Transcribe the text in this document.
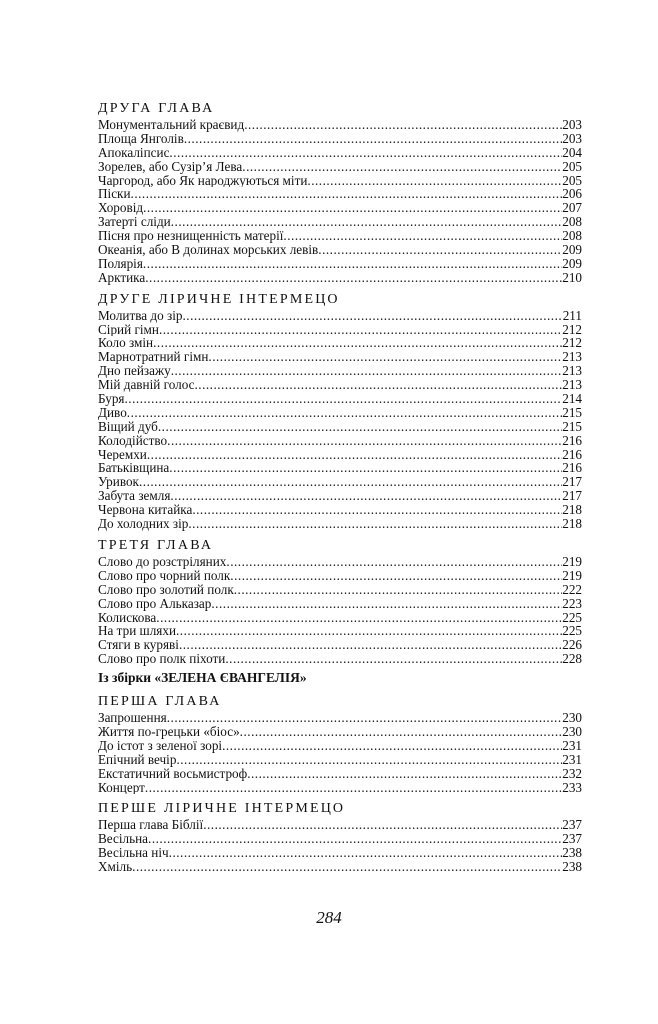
ДРУГА ГЛАВА
Монументальний краєвид .....	203
Площа Янголів .....	203
Апокаліпсис .....	204
Зорелев, або Сузір’я Лева .....	205
Чаргород, або Як народжуються міти .....	205
Піски .....	206
Хоровід .....	207
Затерті сліди .....	208
Пісня про незнищенність матерії .....	208
Океанія, або В долинах морських левів .....	209
Полярія .....	209
Арктика .....	210
ДРУГЕ ЛІРИЧНЕ ІНТЕРМЕЦО
Молитва до зір .....	211
Сірий гімн .....	212
Коло змін .....	212
Марнотратний гімн .....	213
Дно пейзажу .....	213
Мій давній голос .....	213
Буря .....	214
Диво .....	215
Віщий дуб .....	215
Колодійство .....	216
Черемхи .....	216
Батьківщина .....	216
Уривок .....	217
Забута земля .....	217
Червона китайка .....	218
До холодних зір .....	218
ТРЕТЯ ГЛАВА
Слово до розстріляних .....	219
Слово про чорний полк .....	219
Слово про золотий полк .....	222
Слово про Альказар .....	223
Колискова .....	225
На три шляхи .....	225
Стяги в куряві .....	226
Слово про полк піхоти .....	228
Із збірки «ЗЕЛЕНА ЄВАНГЕЛІЯ»
ПЕРША ГЛАВА
Запрошення .....	230
Життя по-грецьки «біос» .....	230
До істот з зеленої зорі .....	231
Епічний вечір .....	231
Екстатичний восьмистроф .....	232
Концерт .....	233
ПЕРШЕ ЛІРИЧНЕ ІНТЕРМЕЦО
Перша глава Біблії .....	237
Весільна .....	237
Весільна ніч .....	238
Хміль .....	238
284
